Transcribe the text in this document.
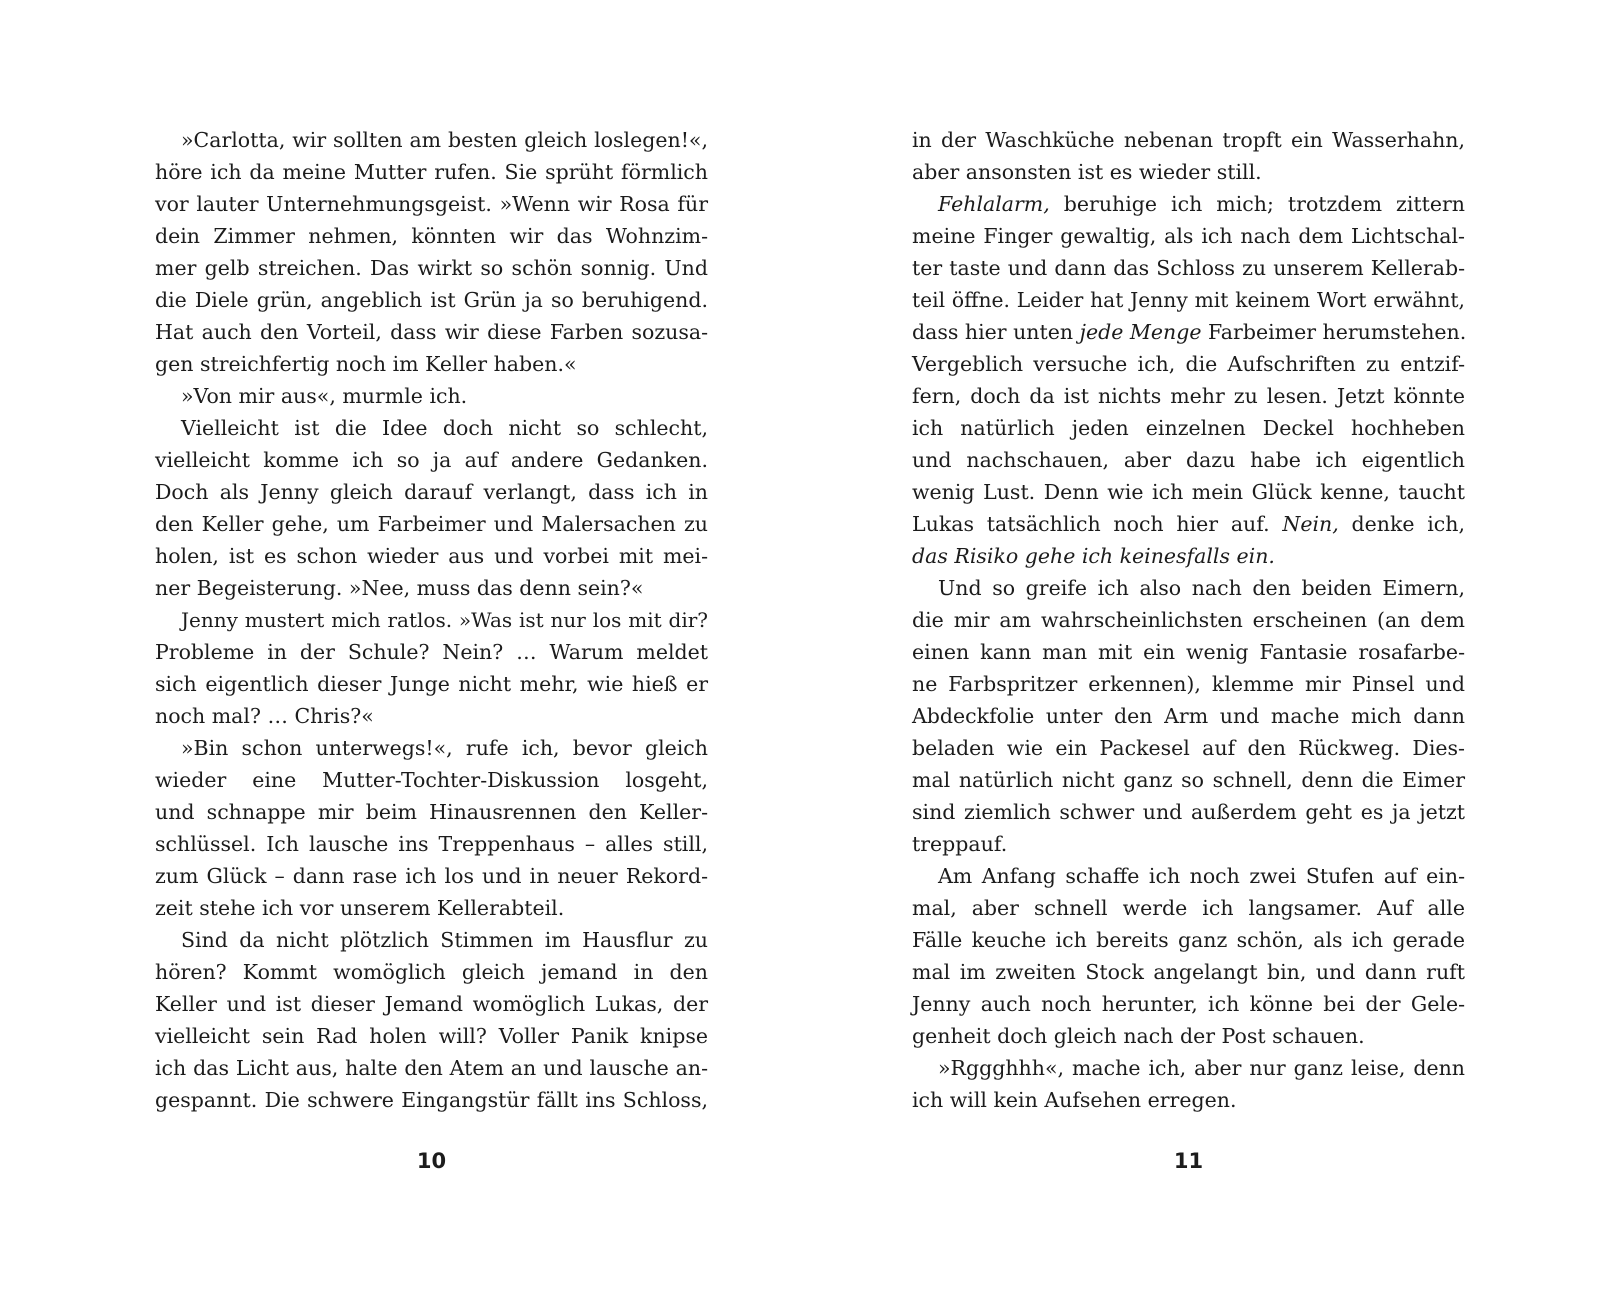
»Carlotta, wir sollten am besten gleich loslegen!«,
höre ich da meine Mutter rufen. Sie sprüht förmlich
vor lauter Unternehmungsgeist. »Wenn wir Rosa für
dein Zimmer nehmen, könnten wir das Wohnzim-
mer gelb streichen. Das wirkt so schön sonnig. Und
die Diele grün, angeblich ist Grün ja so beruhigend.
Hat auch den Vorteil, dass wir diese Farben sozusa-
gen streichfertig noch im Keller haben.«
»Von mir aus«, murmle ich.
Vielleicht ist die Idee doch nicht so schlecht,
vielleicht komme ich so ja auf andere Gedanken.
Doch als Jenny gleich darauf verlangt, dass ich in
den Keller gehe, um Farbeimer und Malersachen zu
holen, ist es schon wieder aus und vorbei mit mei-
ner Begeisterung. »Nee, muss das denn sein?«
Jenny mustert mich ratlos. »Was ist nur los mit dir?
Probleme in der Schule? Nein? … Warum meldet
sich eigentlich dieser Junge nicht mehr, wie hieß er
noch mal? … Chris?«
»Bin schon unterwegs!«, rufe ich, bevor gleich
wieder eine Mutter-Tochter-Diskussion losgeht,
und schnappe mir beim Hinausrennen den Keller-
schlüssel. Ich lausche ins Treppenhaus – alles still,
zum Glück – dann rase ich los und in neuer Rekord-
zeit stehe ich vor unserem Kellerabteil.
Sind da nicht plötzlich Stimmen im Hausflur zu
hören? Kommt womöglich gleich jemand in den
Keller und ist dieser Jemand womöglich Lukas, der
vielleicht sein Rad holen will? Voller Panik knipse
ich das Licht aus, halte den Atem an und lausche an-
gespannt. Die schwere Eingangstür fällt ins Schloss,
10
in der Waschküche nebenan tropft ein Wasserhahn,
aber ansonsten ist es wieder still.
Fehlalarm, beruhige ich mich; trotzdem zittern
meine Finger gewaltig, als ich nach dem Lichtschal-
ter taste und dann das Schloss zu unserem Kellerab-
teil öffne. Leider hat Jenny mit keinem Wort erwähnt,
dass hier unten jede Menge Farbeimer herumstehen.
Vergeblich versuche ich, die Aufschriften zu entzif-
fern, doch da ist nichts mehr zu lesen. Jetzt könnte
ich natürlich jeden einzelnen Deckel hochheben
und nachschauen, aber dazu habe ich eigentlich
wenig Lust. Denn wie ich mein Glück kenne, taucht
Lukas tatsächlich noch hier auf. Nein, denke ich,
das Risiko gehe ich keinesfalls ein.
Und so greife ich also nach den beiden Eimern,
die mir am wahrscheinlichsten erscheinen (an dem
einen kann man mit ein wenig Fantasie rosafarbe-
ne Farbspritzer erkennen), klemme mir Pinsel und
Abdeckfolie unter den Arm und mache mich dann
beladen wie ein Packesel auf den Rückweg. Dies-
mal natürlich nicht ganz so schnell, denn die Eimer
sind ziemlich schwer und außerdem geht es ja jetzt
treppauf.
Am Anfang schaffe ich noch zwei Stufen auf ein-
mal, aber schnell werde ich langsamer. Auf alle
Fälle keuche ich bereits ganz schön, als ich gerade
mal im zweiten Stock angelangt bin, und dann ruft
Jenny auch noch herunter, ich könne bei der Gele-
genheit doch gleich nach der Post schauen.
»Rggghhh«, mache ich, aber nur ganz leise, denn
ich will kein Aufsehen erregen.
11
